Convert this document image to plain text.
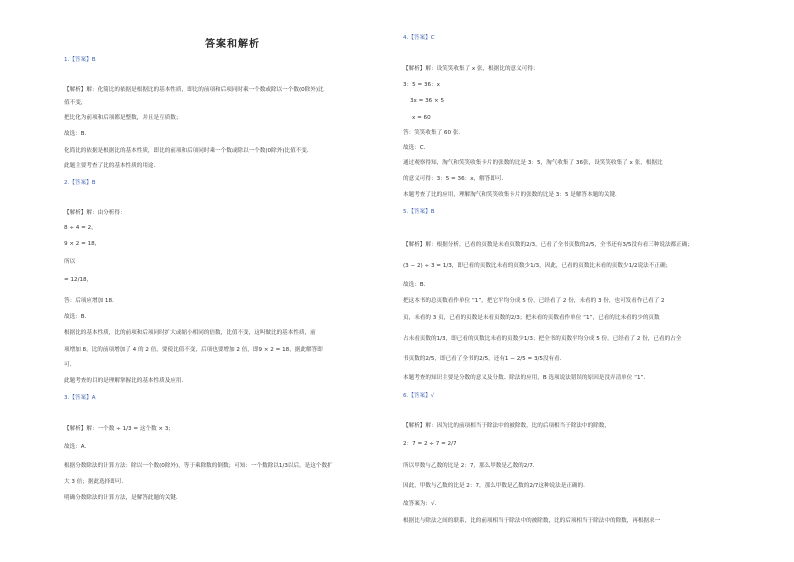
答案和解析
1.【答案】B
【解析】解：化简比的依据是根据比的基本性质，即比的前项和后项同时乘一个数或除以一个数(0除外)比
值不变，
把比化为前项和后项都是整数，并且是互质数；
故选：B．
化简比的依据是根据比的基本性质，即比的前项和后项同时乘一个数或除以一个数(0除外)比值不变．
此题主要考查了比的基本性质的用途．
2.【答案】B
【解析】解：由分析得：
8 ÷ 4 = 2，
9 × 2 = 18，
所以
= 12/18，
答：后项应增加 18．
故选：B．
根据比的基本性质，比的前项和后项同时扩大或缩小相同的倍数，比值不变，这叫做比的基本性质，前
项增加 8，比的前项增加了 4 的 2 倍，要使比值不变，后项也要增加 2 倍，即9 × 2 = 18，据此解答即
可．
此题考查的目的是理解掌握比的基本性质及应用．
3.【答案】A
【解析】解：一个数 ÷ 1/3 = 这个数 × 3；
故选：A．
根据分数除法的计算方法：除以一个数(0除外)，等于乘除数的倒数；可知：一个数除以1/3以后，是这个数扩
大 3 倍；据此选择即可．
明确分数除法的计算方法，是解答此题的关键．
4.【答案】C
【解析】解：设笑笑收集了 x 张，根据比的意义可得：
3：5 = 36：x
3x = 36 × 5
x = 60
答：笑笑收集了 60 张．
故选：C．
通过观察得知，淘气和笑笑收集卡片的张数的比是 3：5，淘气收集了 36张，设笑笑收集了 x 张，根据比
的意义可得：3：5 = 36：x，解答即可．
本题考查了比的应用，理解淘气和笑笑收集卡片的张数的比是 3：5 是解答本题的关键．
5.【答案】B
【解析】解：根据分析，已看的页数是未看页数的2/3，已看了全书页数的2/5，全书还有3/5没有看三种说法都正确；
(3 − 2) ÷ 3 = 1/3，即已看的页数比未看的页数少1/3，因此，已看的页数比未看的页数少1/2说法不正确；
故选：B．
把这本书的总页数看作单位 “1”，把它平均分成 5 份，已经看了 2 份，未看的 3 份，也可发看作已看了 2
页，未看的 3 页，已看的页数是未看页数的2/3；把未看的页数看作单位 “1”，已看的比未看的少的页数
占未看页数的1/3，即已看的页数比未看的页数少1/3；把全书的页数平均分成 5 份，已经看了 2 份，已看的占全
书页数的2/5，即已看了全书的2/5，还有1 − 2/5 = 3/5没有看．
本题考查的知识主要是分数的意义及分数、除法的应用，B 选项说法错误的原因是没弄清单位 “1”．
6.【答案】√
【解析】解：因为比的前项相当于除法中的被除数，比的后项相当于除法中的除数，
2：7 = 2 ÷ 7 = 2/7
所以甲数与乙数的比是 2：7，那么甲数是乙数的2/7．
因此，甲数与乙数的比是 2：7，那么甲数是乙数的2/7这种说法是正确的．
故答案为：√．
根据比与除法之间的联系，比的前项相当于除法中的被除数，比的后项相当于除法中的除数，再根据求一
